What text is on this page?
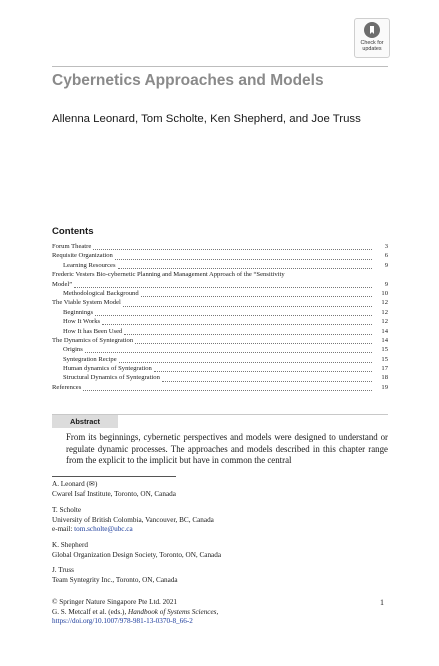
Check for
updates
Cybernetics Approaches and Models
Allenna Leonard, Tom Scholte, Ken Shepherd, and Joe Truss
Contents
Forum Theatre	3
Requisite Organization	6
Learning Resources	9
Frederic Vesters Bio-cybernetic Planning and Management Approach of the “Sensitivity
Model”	9
Methodological Background	10
The Viable System Model	12
Beginnings	12
How It Works	12
How It has Been Used	14
The Dynamics of Syntegration	14
Origins	15
Syntegration Recipe	15
Human dynamics of Syntegration	17
Structural Dynamics of Syntegration	18
References	19
Abstract
From its beginnings, cybernetic perspectives and models were designed to understand or regulate dynamic processes. The approaches and models described in this chapter range from the explicit to the implicit but have in common the central
A. Leonard (✉)
Cwarel Isaf Institute, Toronto, ON, Canada
T. Scholte
University of British Colombia, Vancouver, BC, Canada
e-mail: tom.scholte@ubc.ca
K. Shepherd
Global Organization Design Society, Toronto, ON, Canada
J. Truss
Team Syntegrity Inc., Toronto, ON, Canada
© Springer Nature Singapore Pte Ltd. 2021
G. S. Metcalf et al. (eds.), Handbook of Systems Sciences,
https://doi.org/10.1007/978-981-13-0370-8_66-2
1
